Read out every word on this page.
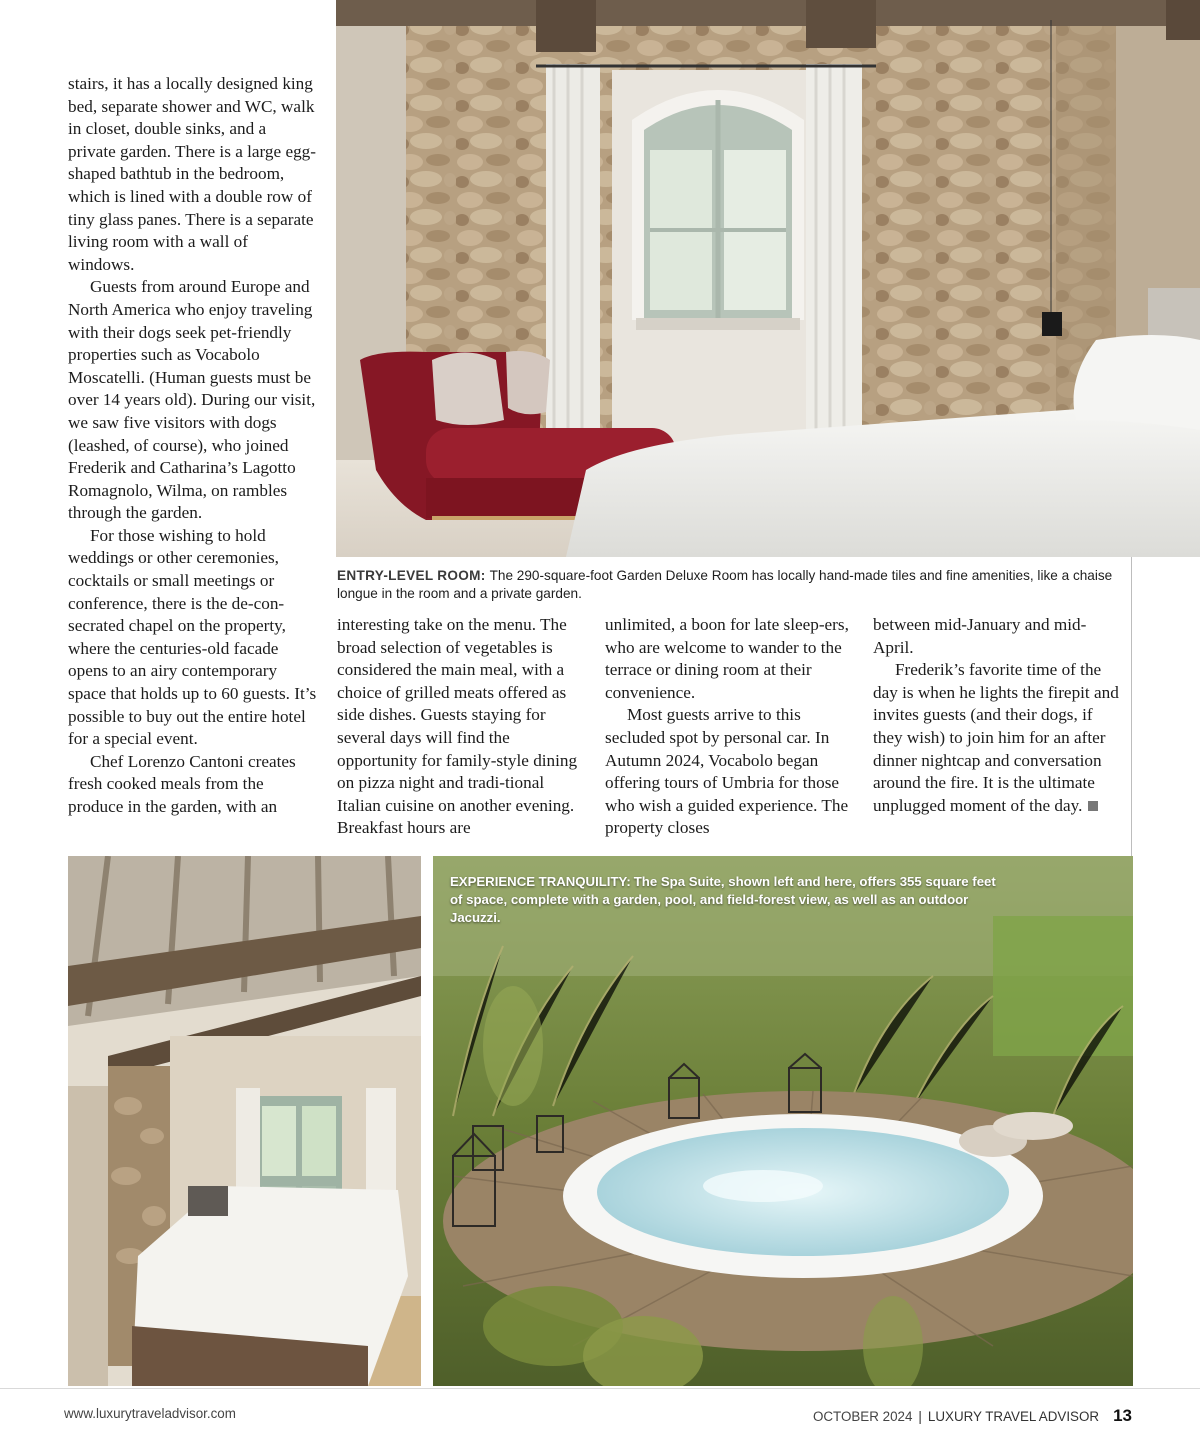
stairs, it has a locally designed king bed, separate shower and WC, walk in closet, double sinks, and a private garden. There is a large egg-shaped bathtub in the bedroom, which is lined with a double row of tiny glass panes. There is a separate living room with a wall of windows.

Guests from around Europe and North America who enjoy traveling with their dogs seek pet-friendly properties such as Vocabolo Moscatelli. (Human guests must be over 14 years old). During our visit, we saw five visitors with dogs (leashed, of course), who joined Frederik and Catharina’s Lagotto Romagnolo, Wilma, on rambles through the garden.

For those wishing to hold weddings or other ceremonies, cocktails or small meetings or conference, there is the de-con-secrated chapel on the property, where the centuries-old facade opens to an airy contemporary space that holds up to 60 guests. It’s possible to buy out the entire hotel for a special event.

Chef Lorenzo Cantoni creates fresh cooked meals from the produce in the garden, with an

ENTRY-LEVEL ROOM: The 290-square-foot Garden Deluxe Room has locally hand-made tiles and fine amenities, like a chaise longue in the room and a private garden.

interesting take on the menu. The broad selection of vegetables is considered the main meal, with a choice of grilled meats offered as side dishes. Guests staying for several days will find the opportunity for family-style dining on pizza night and tradi-tional Italian cuisine on another evening. Breakfast hours are

unlimited, a boon for late sleep-ers, who are welcome to wander to the terrace or dining room at their convenience.

Most guests arrive to this secluded spot by personal car. In Autumn 2024, Vocabolo began offering tours of Umbria for those who wish a guided experience. The property closes

between mid-January and mid-April.

Frederik’s favorite time of the day is when he lights the firepit and invites guests (and their dogs, if they wish) to join him for an after dinner nightcap and conversation around the fire. It is the ultimate unplugged moment of the day.

EXPERIENCE TRANQUILITY: The Spa Suite, shown left and here, offers 355 square feet of space, complete with a garden, pool, and field-forest view, as well as an outdoor Jacuzzi.
www.luxurytraveladvisor.com	OCTOBER 2024 | LUXURY TRAVEL ADVISOR 13
